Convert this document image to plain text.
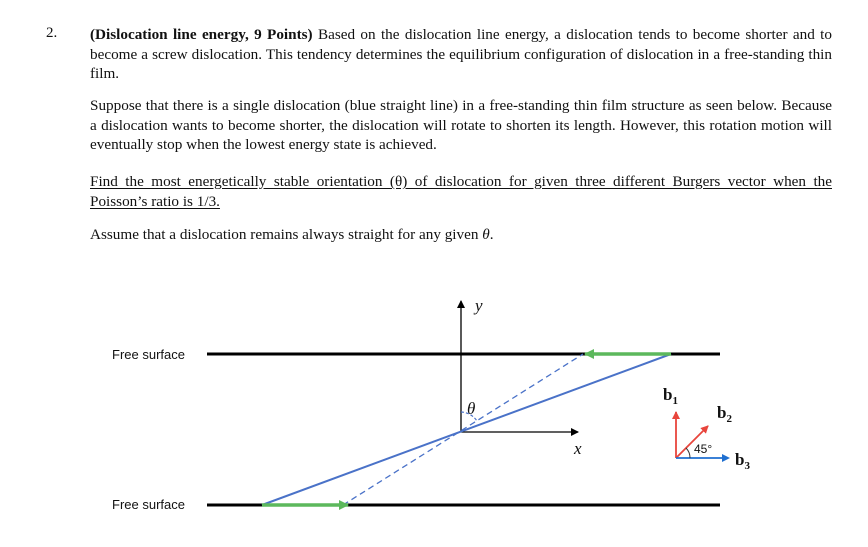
2. (Dislocation line energy, 9 Points) Based on the dislocation line energy, a dislocation tends to become shorter and to become a screw dislocation. This tendency determines the equilibrium configuration of dislocation in a free-standing thin film.
Suppose that there is a single dislocation (blue straight line) in a free-standing thin film structure as seen below. Because a dislocation wants to become shorter, the dislocation will rotate to shorten its length. However, this rotation motion will eventually stop when the lowest energy state is achieved.
Find the most energetically stable orientation (θ) of dislocation for given three different Burgers vector when the Poisson’s ratio is 1/3.
Assume that a dislocation remains always straight for any given θ.
Free surface
Free surface
y
x
θ
45°
$b_1$
$b_2$
$b_3$
